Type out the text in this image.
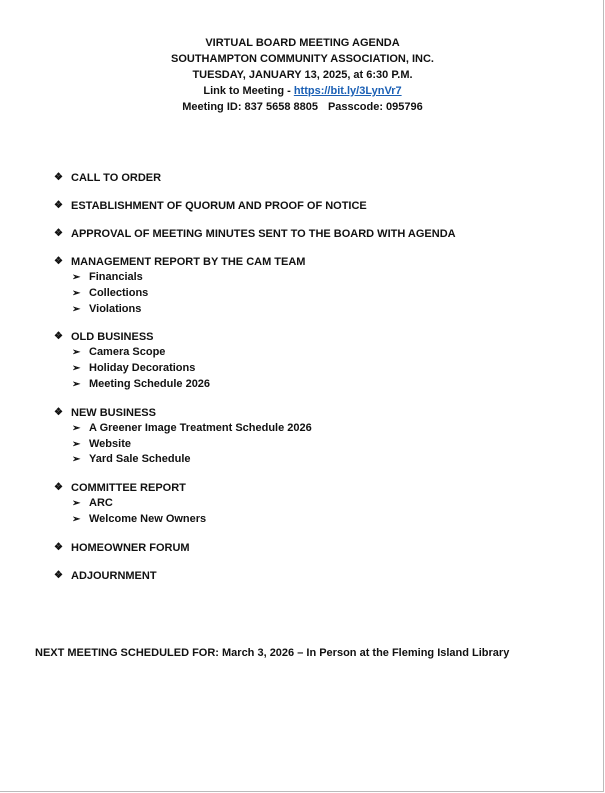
VIRTUAL BOARD MEETING AGENDA
SOUTHAMPTON COMMUNITY ASSOCIATION, INC.
TUESDAY, JANUARY 13, 2025, at 6:30 P.M.
Link to Meeting - https://bit.ly/3LynVr7
Meeting ID: 837 5658 8805 Passcode: 095796
❖ CALL TO ORDER
❖ ESTABLISHMENT OF QUORUM AND PROOF OF NOTICE
❖ APPROVAL OF MEETING MINUTES SENT TO THE BOARD WITH AGENDA
❖ MANAGEMENT REPORT BY THE CAM TEAM
➢ Financials
➢ Collections
➢ Violations
❖ OLD BUSINESS
➢ Camera Scope
➢ Holiday Decorations
➢ Meeting Schedule 2026
❖ NEW BUSINESS
➢ A Greener Image Treatment Schedule 2026
➢ Website
➢ Yard Sale Schedule
❖ COMMITTEE REPORT
➢ ARC
➢ Welcome New Owners
❖ HOMEOWNER FORUM
❖ ADJOURNMENT
NEXT MEETING SCHEDULED FOR: March 3, 2026 – In Person at the Fleming Island Library
